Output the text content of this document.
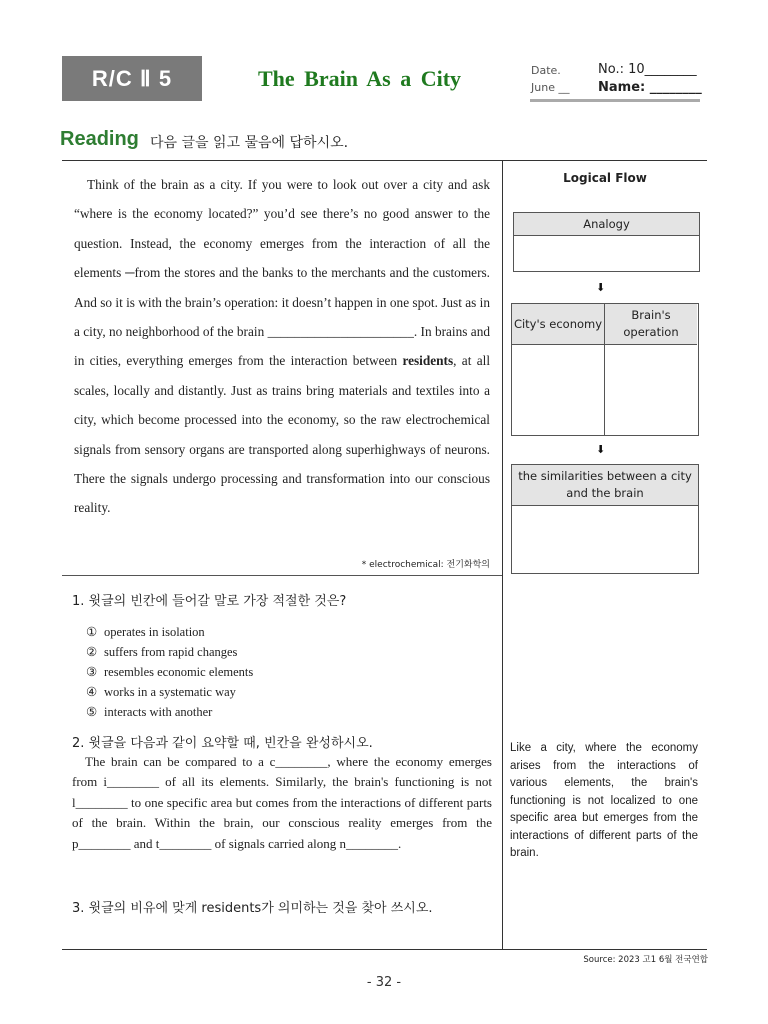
R/C Ⅱ 5	The Brain As a City	Date.
June __
No.: 10________
Name: ________
Reading 다음 글을 읽고 물음에 답하시오.

Think of the brain as a city. If you were to look out over a city and ask “where is the economy located?” you’d see there’s no good answer to the question. Instead, the economy emerges from the interaction of all the elements ─from the stores and the banks to the merchants and the customers. And so it is with the brain’s operation: it doesn’t happen in one spot. Just as in a city, no neighborhood of the brain ______________________. In brains and in cities, everything emerges from the interaction between residents, at all scales, locally and distantly. Just as trains bring materials and textiles into a city, which become processed into the economy, so the raw electrochemical signals from sensory organs are transported along superhighways of neurons. There the signals undergo processing and transformation into our conscious reality.

* electrochemical: 전기화학의
1. 윗글의 빈칸에 들어갈 말로 가장 적절한 것은?
① operates in isolation
② suffers from rapid changes
③ resembles economic elements
④ works in a systematic way
⑤ interacts with another
2. 윗글을 다음과 같이 요약할 때, 빈칸을 완성하시오.

The brain can be compared to a c________, where the economy emerges from i________ of all its elements. Similarly, the brain's functioning is not l________ to one specific area but comes from the interactions of different parts of the brain. Within the brain, our conscious reality emerges from the p________ and t________ of signals carried along n________.

3. 윗글의 비유에 맞게 residents가 의미하는 것을 찾아 쓰시오.
Logical Flow
Analogy
⬇
City's economy
Brain's operation
⬇
the similarities between a city and the brain
Like a city, where the economy arises from the interactions of various elements, the brain's functioning is not localized to one specific area but emerges from the interactions of different parts of the brain.
Source: 2023 고1 6월 전국연합
- 32 -
